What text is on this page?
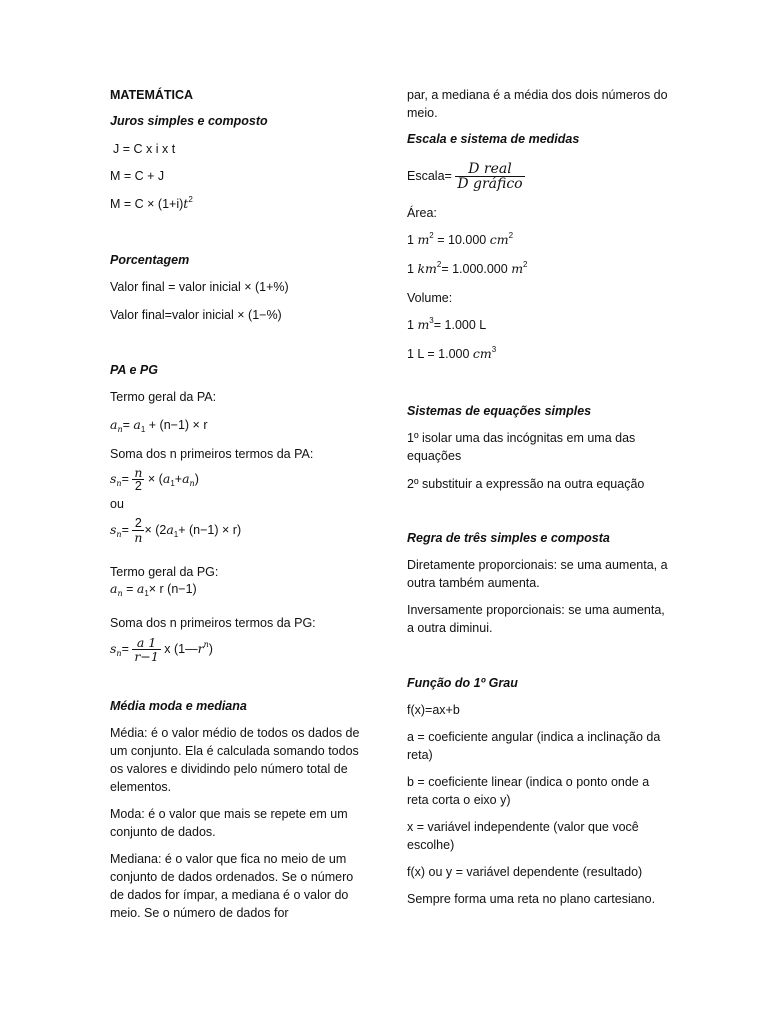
MATEMÁTICA
Juros simples e composto
J = C x i x t
M = C + J
$M = C \times (1+i)t^2$
Porcentagem
Valor final = valor inicial × (1+%)
Valor final=valor inicial × (1−%)
PA e PG
Termo geral da PA:
$a_n= a_1 + (n-1) \times r$
Soma dos n primeiros termos da PA:
$s_n= \frac{n}{2} \times (a_1+a_n)$
ou
$s_n= \frac{2}{n} \times (2a_1+ (n-1) \times r)$
Termo geral da PG:
$a_n = a_1\times r$ (n−1)
Soma dos n primeiros termos da PG:
$s_n= \frac{a 1}{r-1}$ x $(1—r^n)$
Média moda e mediana
Média: é o valor médio de todos os dados de um conjunto. Ela é calculada somando todos os valores e dividindo pelo número total de elementos.
Moda: é o valor que mais se repete em um conjunto de dados.
Mediana: é o valor que fica no meio de um conjunto de dados ordenados. Se o número de dados for ímpar, a mediana é o valor do meio. Se o número de dados for
par, a mediana é a média dos dois números do meio.
Escala e sistema de medidas
Escala= $\frac{\text{D real}}{\text{D gráfico}}$
Área:
1 $m^2 = 10.000$ $cm^2$
1 $km^2= 1.000.000$ $m^2$
Volume:
1 $m^3= 1.000$ L
1 L = 1.000 $cm^3$
Sistemas de equações simples
1º isolar uma das incógnitas em uma das equações
2º substituir a expressão na outra equação
Regra de três simples e composta
Diretamente proporcionais: se uma aumenta, a outra também aumenta.
Inversamente proporcionais: se uma aumenta, a outra diminui.
Função do 1º Grau
f(x)=ax+b
a = coeficiente angular (indica a inclinação da reta)
b = coeficiente linear (indica o ponto onde a reta corta o eixo y)
x = variável independente (valor que você escolhe)
f(x) ou y = variável dependente (resultado)
Sempre forma uma reta no plano cartesiano.
